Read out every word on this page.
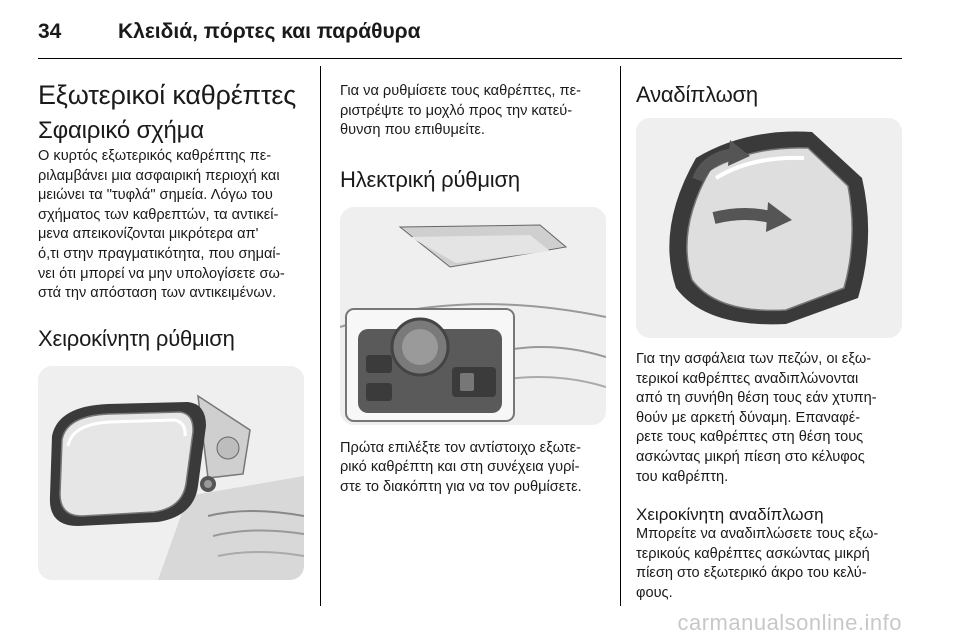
34	Κλειδιά, πόρτες και παράθυρα
Εξωτερικοί καθρέπτες
Σφαιρικό σχήμα
Ο κυρτός εξωτερικός καθρέπτης πε-
ριλαμβάνει μια ασφαιρική περιοχή και
μειώνει τα "τυφλά" σημεία. Λόγω του
σχήματος των καθρεπτών, τα αντικεί-
μενα απεικονίζονται μικρότερα απ'
ό,τι στην πραγματικότητα, που σημαί-
νει ότι μπορεί να μην υπολογίσετε σω-
στά την απόσταση των αντικειμένων.
Χειροκίνητη ρύθμιση
Για να ρυθμίσετε τους καθρέπτες, πε-
ριστρέψτε το μοχλό προς την κατεύ-
θυνση που επιθυμείτε.
Ηλεκτρική ρύθμιση
Πρώτα επιλέξτε τον αντίστοιχο εξωτε-
ρικό καθρέπτη και στη συνέχεια γυρί-
στε το διακόπτη για να τον ρυθμίσετε.
Αναδίπλωση
Για την ασφάλεια των πεζών, οι εξω-
τερικοί καθρέπτες αναδιπλώνονται
από τη συνήθη θέση τους εάν χτυπη-
θούν με αρκετή δύναμη. Επαναφέ-
ρετε τους καθρέπτες στη θέση τους
ασκώντας μικρή πίεση στο κέλυφος
του καθρέπτη.
Χειροκίνητη αναδίπλωση
Μπορείτε να αναδιπλώσετε τους εξω-
τερικούς καθρέπτες ασκώντας μικρή
πίεση στο εξωτερικό άκρο του κελύ-
φους.
carmanualsonline.info
